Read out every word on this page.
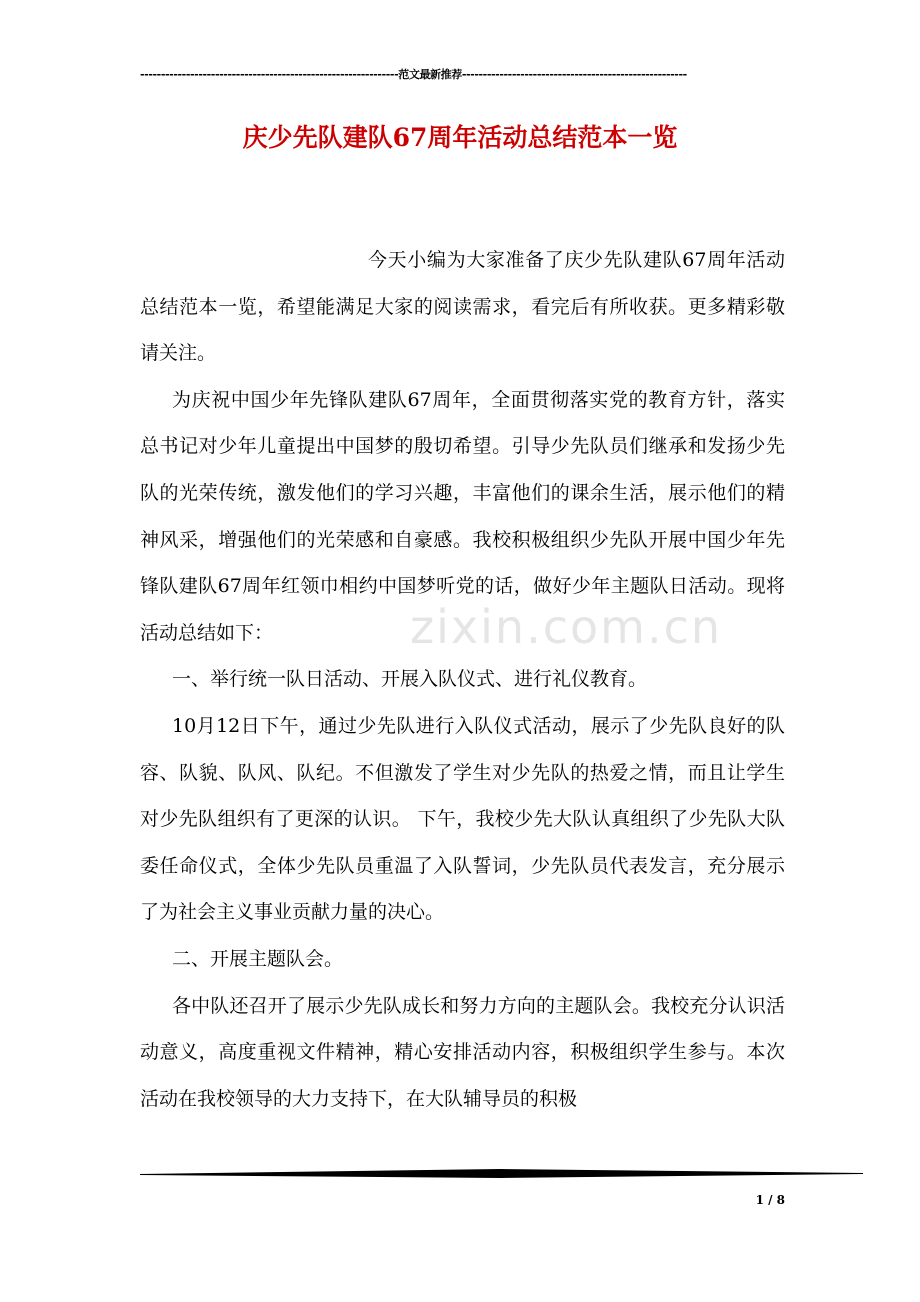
--------------------------------------------------------------范文最新推荐------------------------------------------------------
庆少先队建队67周年活动总结范本一览
zixin.com.cn

今天小编为大家准备了庆少先队建队67周年活动总结范本一览，希望能满足大家的阅读需求，看完后有所收获。更多精彩敬请关注。

为庆祝中国少年先锋队建队67周年，全面贯彻落实党的教育方针，落实总书记对少年儿童提出中国梦的殷切希望。引导少先队员们继承和发扬少先队的光荣传统，激发他们的学习兴趣，丰富他们的课余生活，展示他们的精神风采，增强他们的光荣感和自豪感。我校积极组织少先队开展中国少年先锋队建队67周年红领巾相约中国梦听党的话，做好少年主题队日活动。现将活动总结如下：

一、举行统一队日活动、开展入队仪式、进行礼仪教育。

10月12日下午，通过少先队进行入队仪式活动，展示了少先队良好的队容、队貌、队风、队纪。不但激发了学生对少先队的热爱之情，而且让学生对少先队组织有了更深的认识。 下午，我校少先大队认真组织了少先队大队委任命仪式，全体少先队员重温了入队誓词，少先队员代表发言，充分展示了为社会主义事业贡献力量的决心。

二、开展主题队会。

各中队还召开了展示少先队成长和努力方向的主题队会。我校充分认识活动意义，高度重视文件精神，精心安排活动内容，积极组织学生参与。本次活动在我校领导的大力支持下，在大队辅导员的积极

1 / 8
